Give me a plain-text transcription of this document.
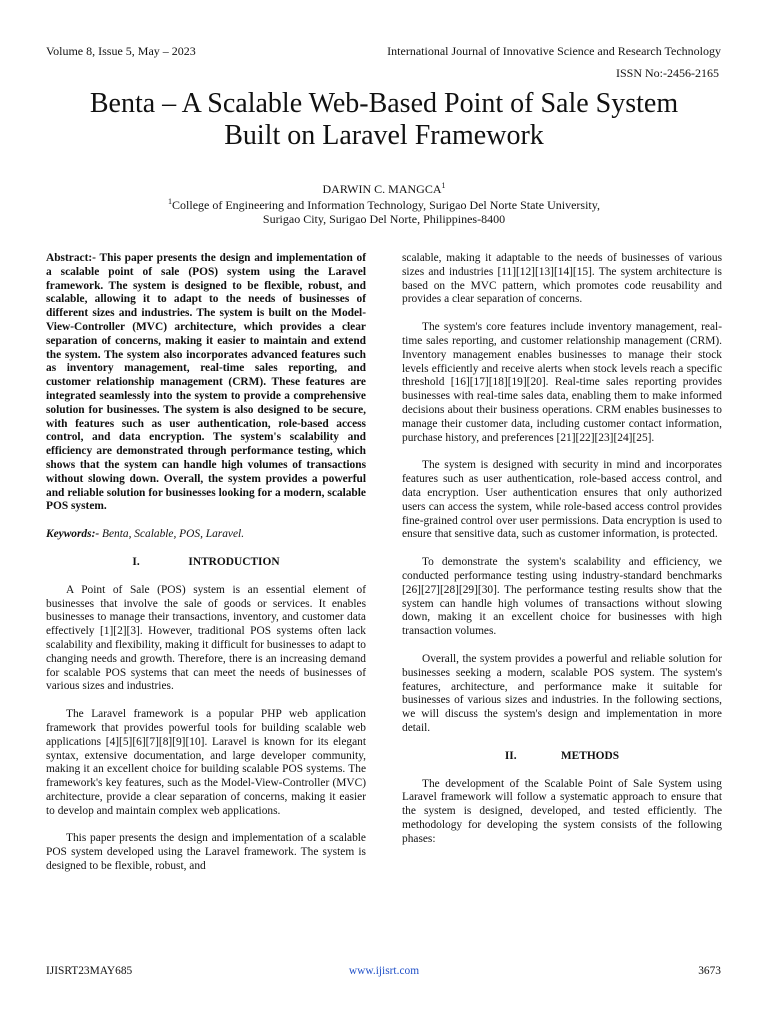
Volume 8, Issue 5, May – 2023	International Journal of Innovative Science and Research Technology
ISSN No:-2456-2165
Benta – A Scalable Web-Based Point of Sale System
Built on Laravel Framework
DARWIN C. MANGCA$^1$
$^1$College of Engineering and Information Technology, Surigao Del Norte State University,
Surigao City, Surigao Del Norte, Philippines-8400

Abstract:- This paper presents the design and implementation of a scalable point of sale (POS) system using the Laravel framework. The system is designed to be flexible, robust, and scalable, allowing it to adapt to the needs of businesses of different sizes and industries. The system is built on the Model-View-Controller (MVC) architecture, which provides a clear separation of concerns, making it easier to maintain and extend the system. The system also incorporates advanced features such as inventory management, real-time sales reporting, and customer relationship management (CRM). These features are integrated seamlessly into the system to provide a comprehensive solution for businesses. The system is also designed to be secure, with features such as user authentication, role-based access control, and data encryption. The system's scalability and efficiency are demonstrated through performance testing, which shows that the system can handle high volumes of transactions without slowing down. Overall, the system provides a powerful and reliable solution for businesses looking for a modern, scalable POS system.

Keywords:- Benta, Scalable, POS, Laravel.

I.	INTRODUCTION

A Point of Sale (POS) system is an essential element of businesses that involve the sale of goods or services. It enables businesses to manage their transactions, inventory, and customer data effectively [1][2][3]. However, traditional POS systems often lack scalability and flexibility, making it difficult for businesses to adapt to changing needs and growth. Therefore, there is an increasing demand for scalable POS systems that can meet the needs of businesses of various sizes and industries.

The Laravel framework is a popular PHP web application framework that provides powerful tools for building scalable web applications [4][5][6][7][8][9][10]. Laravel is known for its elegant syntax, extensive documentation, and large developer community, making it an excellent choice for building scalable POS systems. The framework's key features, such as the Model-View-Controller (MVC) architecture, provide a clear separation of concerns, making it easier to develop and maintain complex web applications.

This paper presents the design and implementation of a scalable POS system developed using the Laravel framework. The system is designed to be flexible, robust, and

scalable, making it adaptable to the needs of businesses of various sizes and industries [11][12][13][14][15]. The system architecture is based on the MVC pattern, which promotes code reusability and provides a clear separation of concerns.

The system's core features include inventory management, real-time sales reporting, and customer relationship management (CRM). Inventory management enables businesses to manage their stock levels efficiently and receive alerts when stock levels reach a specific threshold [16][17][18][19][20]. Real-time sales reporting provides businesses with real-time sales data, enabling them to make informed decisions about their business operations. CRM enables businesses to manage their customer data, including customer contact information, purchase history, and preferences [21][22][23][24][25].

The system is designed with security in mind and incorporates features such as user authentication, role-based access control, and data encryption. User authentication ensures that only authorized users can access the system, while role-based access control provides fine-grained control over user permissions. Data encryption is used to ensure that sensitive data, such as customer information, is protected.

To demonstrate the system's scalability and efficiency, we conducted performance testing using industry-standard benchmarks [26][27][28][29][30]. The performance testing results show that the system can handle high volumes of transactions without slowing down, making it an excellent choice for businesses with high transaction volumes.

Overall, the system provides a powerful and reliable solution for businesses seeking a modern, scalable POS system. The system's features, architecture, and performance make it suitable for businesses of various sizes and industries. In the following sections, we will discuss the system's design and implementation in more detail.

II.	METHODS

The development of the Scalable Point of Sale System using Laravel framework will follow a systematic approach to ensure that the system is designed, developed, and tested efficiently. The methodology for developing the system consists of the following phases:

IJISRT23MAY685	www.ijisrt.com	3673
